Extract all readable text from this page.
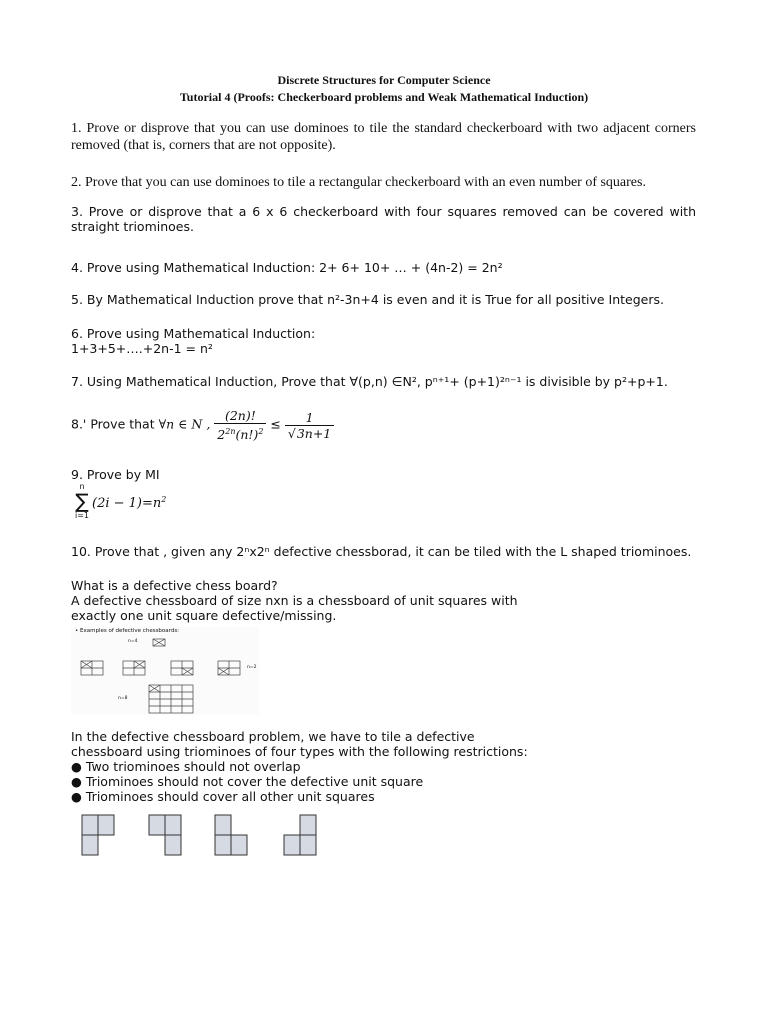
Discrete Structures for Computer Science
Tutorial 4 (Proofs: Checkerboard problems and Weak Mathematical Induction)
1. Prove or disprove that you can use dominoes to tile the standard checkerboard with two adjacent corners removed (that is, corners that are not opposite).
2. Prove that you can use dominoes to tile a rectangular checkerboard with an even number of squares.
3. Prove or disprove that a 6 x 6 checkerboard with four squares removed can be covered with straight triominoes.
4. Prove using Mathematical Induction: 2+ 6+ 10+ … + (4n-2) = 2n²
5. By Mathematical Induction prove that n²-3n+4 is even and it is True for all positive Integers.
6. Prove using Mathematical Induction:
1+3+5+….+2n-1 = n²
7. Using Mathematical Induction, Prove that ∀(p,n) ∈N², pⁿ⁺¹+ (p+1)²ⁿ⁻¹ is divisible by p²+p+1.
8.' Prove that ∀n ∈ N , $\frac{(2n)!}{2^{2n}(n!)^2} \le \frac{1}{√3n+1}$
9. Prove by MI
n
∑
i=1
$(2i - 1)=n^2$
10. Prove that , given any 2ⁿx2ⁿ defective chessborad, it can be tiled with the L shaped triominoes.
What is a defective chess board?
A defective chessboard of size nxn is a chessboard of unit squares with
exactly one unit square defective/missing.
• Examples of defective chessboards:
n=4
n=2
n=8
In the defective chessboard problem, we have to tile a defective
chessboard using triominoes of four types with the following restrictions:
● Two triominoes should not overlap
● Triominoes should not cover the defective unit square
● Triominoes should cover all other unit squares
